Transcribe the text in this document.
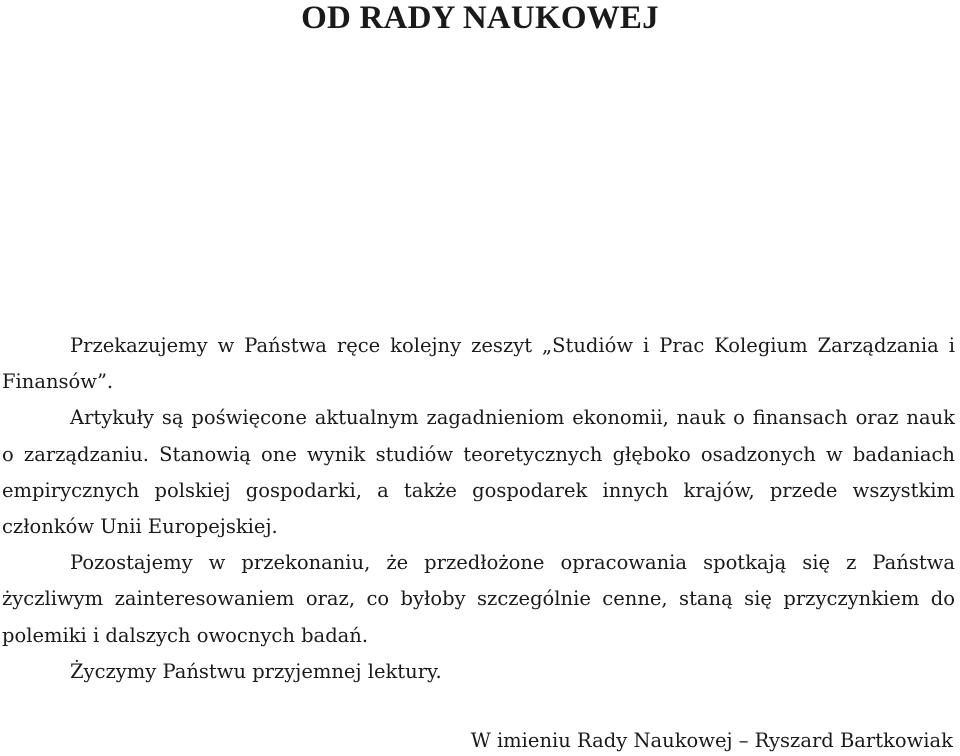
OD RADY NAUKOWEJ

Przekazujemy w Państwa ręce kolejny zeszyt „Studiów i Prac Kolegium Zarządzania i Finansów”.

Artykuły są poświęcone aktualnym zagadnieniom ekonomii, nauk o finansach oraz nauk o zarządzaniu. Stanowią one wynik studiów teoretycznych głęboko osadzonych w badaniach empirycznych polskiej gospodarki, a także gospodarek innych krajów, przede wszystkim członków Unii Europejskiej.

Pozostajemy w przekonaniu, że przedłożone opracowania spotkają się z Państwa życzliwym zainteresowaniem oraz, co byłoby szczególnie cenne, staną się przyczynkiem do polemiki i dalszych owocnych badań.

Życzymy Państwu przyjemnej lektury.

W imieniu Rady Naukowej – Ryszard Bartkowiak
